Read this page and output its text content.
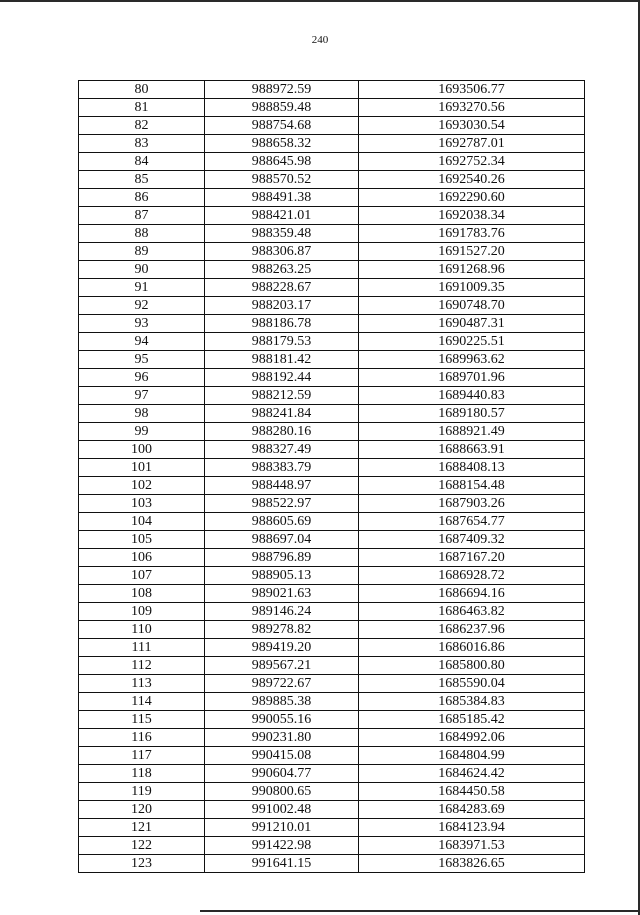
240
80	988972.59	1693506.77
81	988859.48	1693270.56
82	988754.68	1693030.54
83	988658.32	1692787.01
84	988645.98	1692752.34
85	988570.52	1692540.26
86	988491.38	1692290.60
87	988421.01	1692038.34
88	988359.48	1691783.76
89	988306.87	1691527.20
90	988263.25	1691268.96
91	988228.67	1691009.35
92	988203.17	1690748.70
93	988186.78	1690487.31
94	988179.53	1690225.51
95	988181.42	1689963.62
96	988192.44	1689701.96
97	988212.59	1689440.83
98	988241.84	1689180.57
99	988280.16	1688921.49
100	988327.49	1688663.91
101	988383.79	1688408.13
102	988448.97	1688154.48
103	988522.97	1687903.26
104	988605.69	1687654.77
105	988697.04	1687409.32
106	988796.89	1687167.20
107	988905.13	1686928.72
108	989021.63	1686694.16
109	989146.24	1686463.82
110	989278.82	1686237.96
111	989419.20	1686016.86
112	989567.21	1685800.80
113	989722.67	1685590.04
114	989885.38	1685384.83
115	990055.16	1685185.42
116	990231.80	1684992.06
117	990415.08	1684804.99
118	990604.77	1684624.42
119	990800.65	1684450.58
120	991002.48	1684283.69
121	991210.01	1684123.94
122	991422.98	1683971.53
123	991641.15	1683826.65
